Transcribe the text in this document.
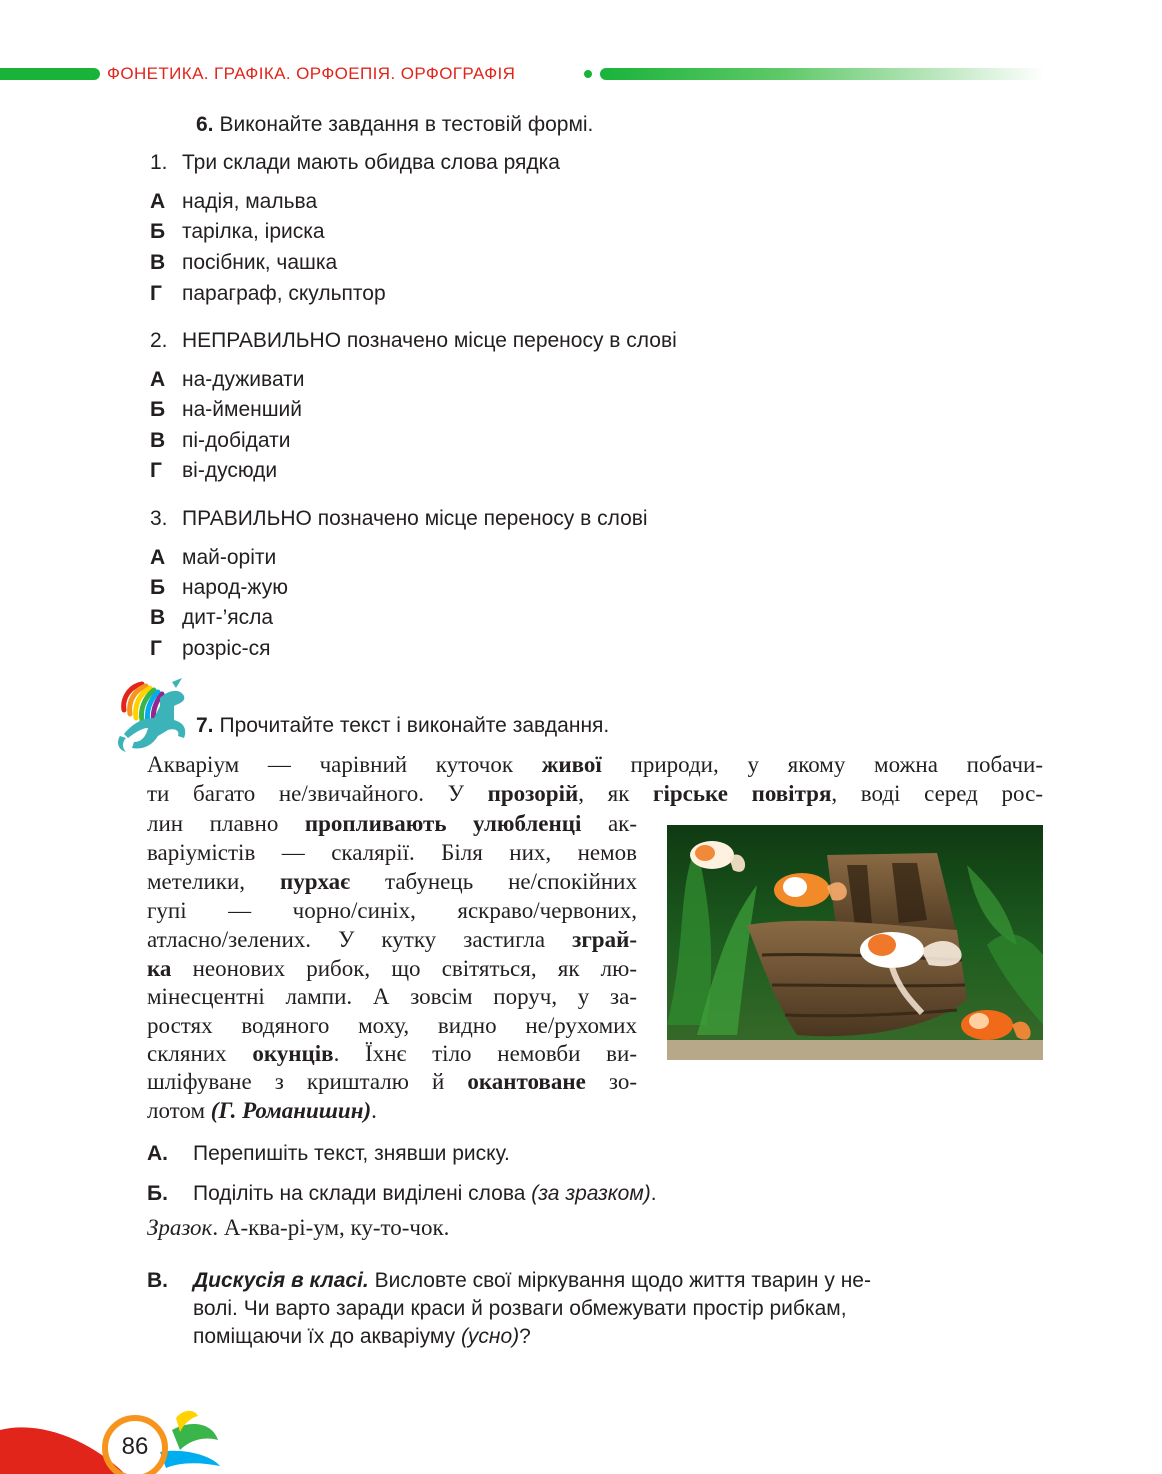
ФОНЕТИКА. ГРАФІКА. ОРФОЕПІЯ. ОРФОГРАФІЯ
6. Виконайте завдання в тестовій формі.
1. Три склади мають обидва слова рядка
А надія, мальва
Б тарілка, іриска
В посібник, чашка
Г параграф, скульптор
2. НЕПРАВИЛЬНО позначено місце переносу в слові
А на-дуживати
Б на-йменший
В пі-добідати
Г ві-дусюди
3. ПРАВИЛЬНО позначено місце переносу в слові
А май-оріти
Б народ-жую
В дит-’ясла
Г розріс-ся
7. Прочитайте текст і виконайте завдання.
Акваріум — чарівний куточок живої природи, у якому можна побачи-
ти багато не/звичайного. У прозорій, як гірське повітря, воді серед рос-
лин плавно пропливають улюбленці ак-
варіумістів — скалярії. Біля них, немов
метелики, пурхає табунець не/спокійних
гупі — чорно/синіх, яскраво/червоних,
атласно/зелених. У кутку застигла зграй-
ка неонових рибок, що світяться, як лю-
мінесцентні лампи. А зовсім поруч, у за-
ростях водяного моху, видно не/рухомих
скляних окунців. Їхнє тіло немовби ви-
шліфуване з кришталю й окантоване зо-
лотом (Г. Романишин).
А. Перепишіть текст, знявши риску.
Б. Поділіть на склади виділені слова (за зразком).
Зразок. А-ква-рі-ум, ку-то-чок.
В. Дискусія в класі. Висловте свої міркування щодо життя тварин у не-
волі. Чи варто заради краси й розваги обмежувати простір рибкам,
поміщаючи їх до акваріуму (усно)?
86
